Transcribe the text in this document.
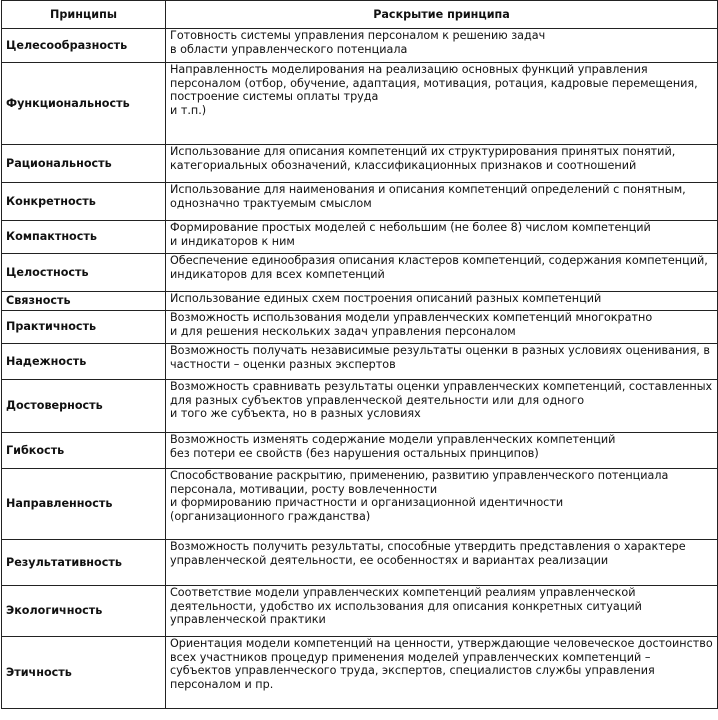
Принципы	Раскрытие принципа
Целесообразность	Готовность системы управления персоналом к решению задач
в области управленческого потенциала

Функциональность	Направленность моделирования на реализацию основных функций управления
персоналом (отбор, обучение, адаптация, мотивация, ротация, кадровые перемещения,
построение системы оплаты труда
и т.п.)

Рациональность	Использование для описания компетенций их структурирования принятых понятий,
категориальных обозначений, классификационных признаков и соотношений

Конкретность	Использование для наименования и описания компетенций определений с понятным,
однозначно трактуемым смыслом

Компактность	Формирование простых моделей с небольшим (не более 8) числом компетенций
и индикаторов к ним

Целостность	Обеспечение единообразия описания кластеров компетенций, содержания компетенций,
индикаторов для всех компетенций

Связность	Использование единых схем построения описаний разных компетенций

Практичность	Возможность использования модели управленческих компетенций многократно
и для решения нескольких задач управления персоналом

Надежность	Возможность получать независимые результаты оценки в разных условиях оценивания, в
частности – оценки разных экспертов

Достоверность	Возможность сравнивать результаты оценки управленческих компетенций, составленных
для разных субъектов управленческой деятельности или для одного
и того же субъекта, но в разных условиях

Гибкость	Возможность изменять содержание модели управленческих компетенций
без потери ее свойств (без нарушения остальных принципов)

Направленность	Способствование раскрытию, применению, развитию управленческого потенциала
персонала, мотивации, росту вовлеченности
и формированию причастности и организационной идентичности
(организационного гражданства)

Результативность	Возможность получить результаты, способные утвердить представления о характере
управленческой деятельности, ее особенностях и вариантах реализации

Экологичность	Соответствие модели управленческих компетенций реалиям управленческой
деятельности, удобство их использования для описания конкретных ситуаций
управленческой практики

Этичность	Ориентация модели компетенций на ценности, утверждающие человеческое достоинство
всех участников процедур применения моделей управленческих компетенций –
субъектов управленческого труда, экспертов, специалистов службы управления
персоналом и пр.
